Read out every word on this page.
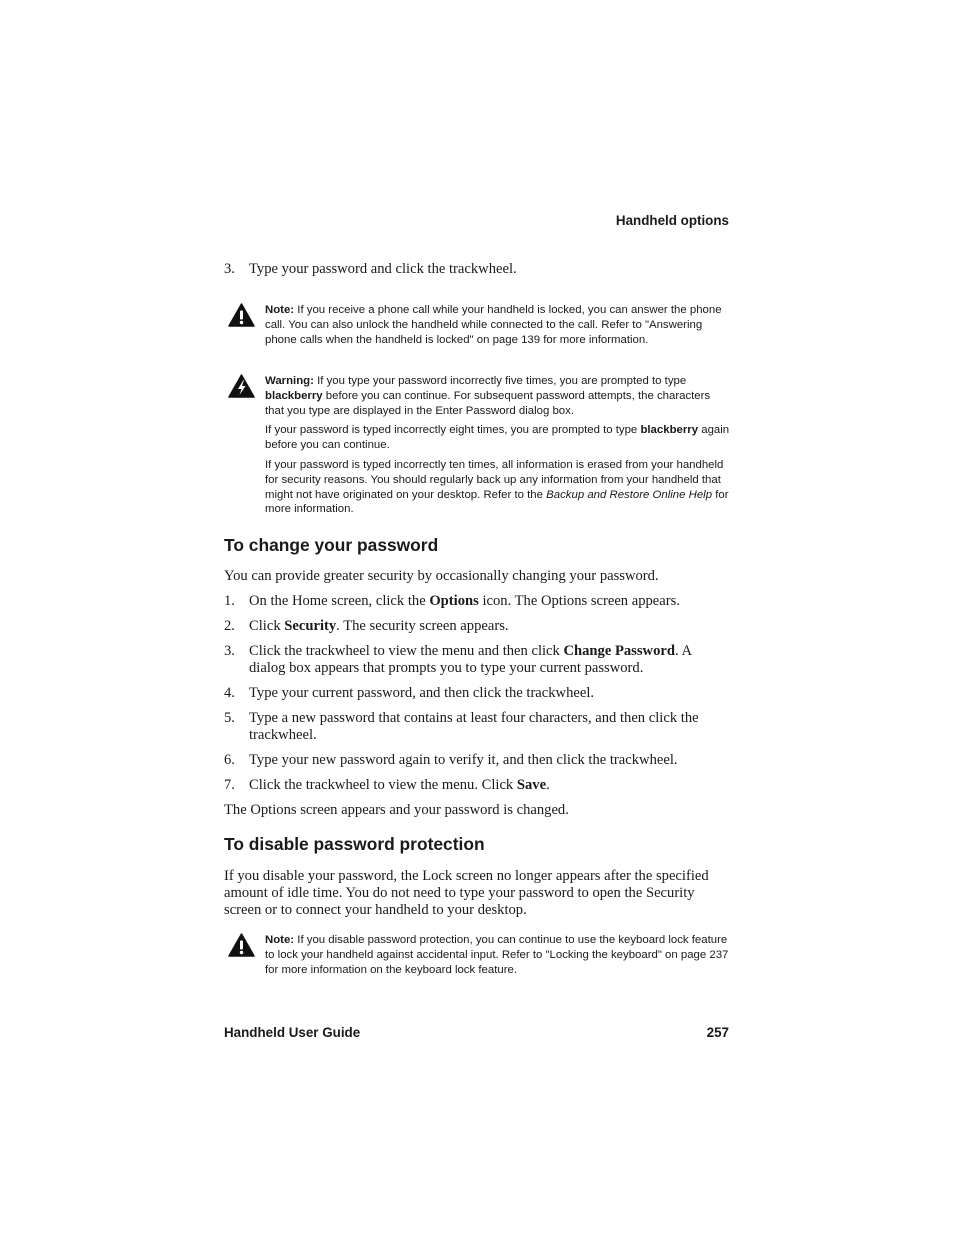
Handheld options
3. Type your password and click the trackwheel.

Note: If you receive a phone call while your handheld is locked, you can answer the phone call. You can also unlock the handheld while connected to the call. Refer to "Answering phone calls when the handheld is locked" on page 139 for more information.

Warning: If you type your password incorrectly five times, you are prompted to type blackberry before you can continue. For subsequent password attempts, the characters that you type are displayed in the Enter Password dialog box.

If your password is typed incorrectly eight times, you are prompted to type blackberry again before you can continue.

If your password is typed incorrectly ten times, all information is erased from your handheld for security reasons. You should regularly back up any information from your handheld that might not have originated on your desktop. Refer to the Backup and Restore Online Help for more information.

To change your password
You can provide greater security by occasionally changing your password.
1. On the Home screen, click the Options icon. The Options screen appears.
2. Click Security. The security screen appears.
3. Click the trackwheel to view the menu and then click Change Password. A dialog box appears that prompts you to type your current password.
4. Type your current password, and then click the trackwheel.
5. Type a new password that contains at least four characters, and then click the trackwheel.
6. Type your new password again to verify it, and then click the trackwheel.
7. Click the trackwheel to view the menu. Click Save.
The Options screen appears and your password is changed.
To disable password protection
If you disable your password, the Lock screen no longer appears after the specified amount of idle time. You do not need to type your password to open the Security screen or to connect your handheld to your desktop.

Note: If you disable password protection, you can continue to use the keyboard lock feature to lock your handheld against accidental input. Refer to "Locking the keyboard" on page 237 for more information on the keyboard lock feature.

Handheld User Guide	257
